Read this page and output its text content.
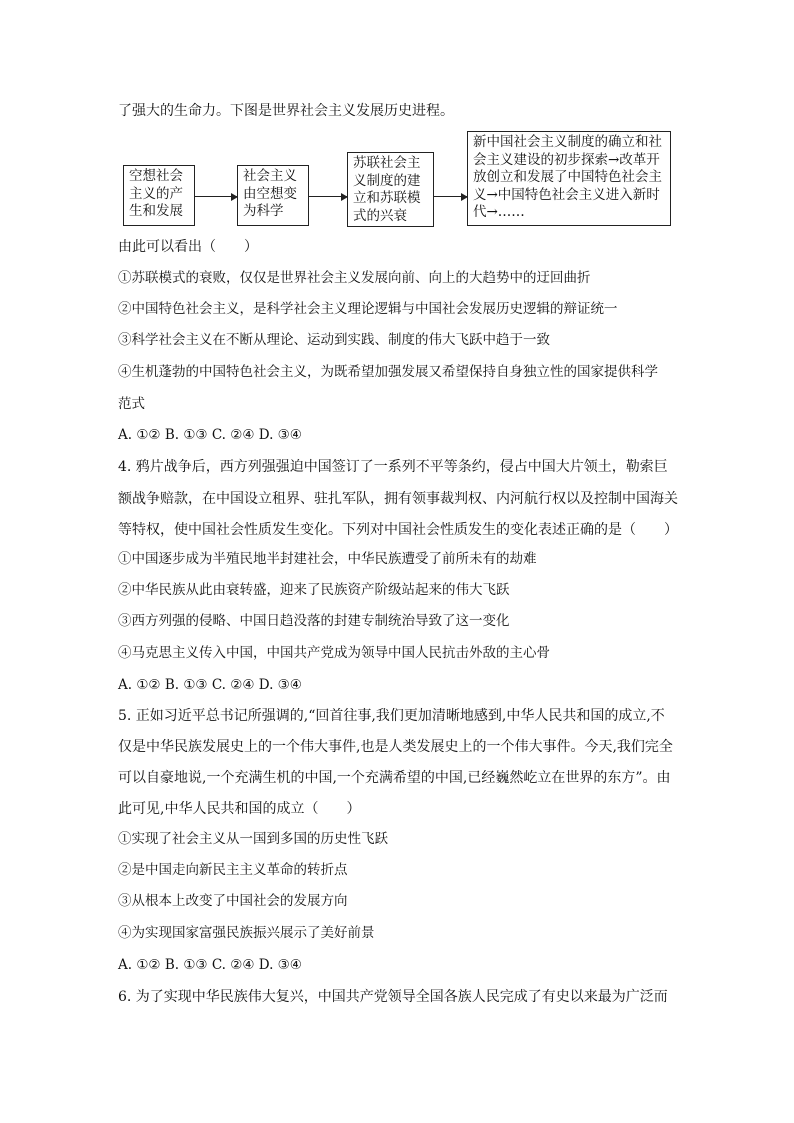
了强大的生命力。下图是世界社会主义发展历史进程。
空想社会主义的产生和发展
社会主义由空想变为科学
苏联社会主义制度的建立和苏联模式的兴衰
新中国社会主义制度的确立和社会主义建设的初步探索→改革开放创立和发展了中国特色社会主义→中国特色社会主义进入新时代→……
由此可以看出（　　）
①苏联模式的衰败，仅仅是世界社会主义发展向前、向上的大趋势中的迂回曲折
②中国特色社会主义，是科学社会主义理论逻辑与中国社会发展历史逻辑的辩证统一
③科学社会主义在不断从理论、运动到实践、制度的伟大飞跃中趋于一致
④生机蓬勃的中国特色社会主义，为既希望加强发展又希望保持自身独立性的国家提供科学
范式
A. ①② B. ①③ C. ②④ D. ③④
4. 鸦片战争后，西方列强强迫中国签订了一系列不平等条约，侵占中国大片领土，勒索巨
额战争赔款，在中国设立租界、驻扎军队，拥有领事裁判权、内河航行权以及控制中国海关
等特权，使中国社会性质发生变化。下列对中国社会性质发生的变化表述正确的是（　　）
①中国逐步成为半殖民地半封建社会，中华民族遭受了前所未有的劫难
②中华民族从此由衰转盛，迎来了民族资产阶级站起来的伟大飞跃
③西方列强的侵略、中国日趋没落的封建专制统治导致了这一变化
④马克思主义传入中国，中国共产党成为领导中国人民抗击外敌的主心骨
A. ①② B. ①③ C. ②④ D. ③④
5. 正如习近平总书记所强调的,“回首往事,我们更加清晰地感到,中华人民共和国的成立,不
仅是中华民族发展史上的一个伟大事件,也是人类发展史上的一个伟大事件。今天,我们完全
可以自豪地说,一个充满生机的中国,一个充满希望的中国,已经巍然屹立在世界的东方”。由
此可见,中华人民共和国的成立（　　）
①实现了社会主义从一国到多国的历史性飞跃
②是中国走向新民主主义革命的转折点
③从根本上改变了中国社会的发展方向
④为实现国家富强民族振兴展示了美好前景
A. ①② B. ①③ C. ②④ D. ③④
6. 为了实现中华民族伟大复兴，中国共产党领导全国各族人民完成了有史以来最为广泛而
